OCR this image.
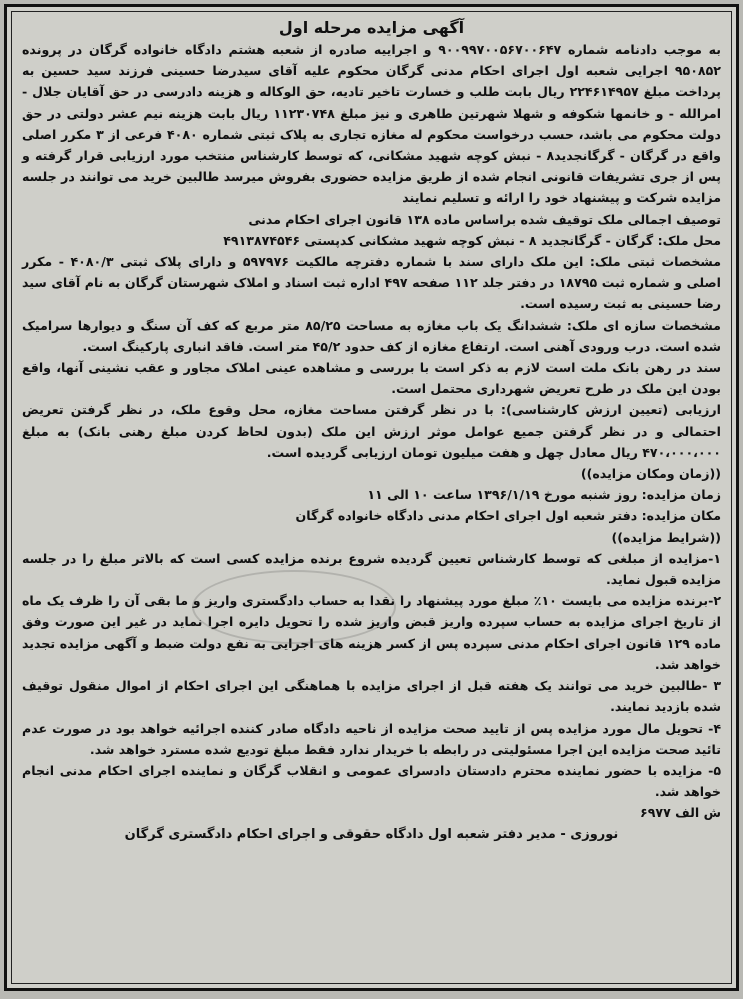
آگهی مزایده مرحله اول

به موجب دادنامه شماره ۹۰۰۹۹۷۰۰۵۶۷۰۰۶۴۷ و اجراییه صادره از شعبه هشتم دادگاه خانواده گرگان در پرونده ۹۵۰۸۵۲ اجرایی شعبه اول اجرای احکام مدنی گرگان محکوم علیه آقای سیدرضا حسینی فرزند سید حسین به پرداخت مبلغ ۲۲۴۶۱۴۹۵۷ ریال بابت طلب و خسارت تاخیر تادیه، حق الوکاله و هزینه دادرسی در حق آقایان جلال - امرالله - و خانمها شکوفه و شهلا شهرتین طاهری و نیز مبلغ ۱۱۲۳۰۷۴۸ ریال بابت هزینه نیم عشر دولتی در حق دولت محکوم می باشد، حسب درخواست محکوم له مغازه تجاری به پلاک ثبتی شماره ۴۰۸۰ فرعی از ۳ مکرر اصلی واقع در گرگان - گرگانجدید۸ - نبش کوچه شهید مشکانی، که توسط کارشناس منتخب مورد ارزیابی قرار گرفته و پس از جری تشریفات قانونی انجام شده از طریق مزایده حضوری بفروش میرسد طالبین خرید می توانند در جلسه مزایده شرکت و پیشنهاد خود را ارائه و تسلیم نمایند

توصیف اجمالی ملک توقیف شده براساس ماده ۱۳۸ قانون اجرای احکام مدنی

محل ملک: گرگان - گرگانجدید ۸ - نبش کوچه شهید مشکانی کدپستی ۴۹۱۳۸۷۴۵۴۶

مشخصات ثبتی ملک: این ملک دارای سند با شماره دفترچه مالکیت ۵۹۷۹۷۶ و دارای پلاک ثبتی ۴۰۸۰/۳ - مکرر اصلی و شماره ثبت ۱۸۷۹۵ در دفتر جلد ۱۱۲ صفحه ۴۹۷ اداره ثبت اسناد و املاک شهرستان گرگان به نام آقای سید رضا حسینی به ثبت رسیده است.

مشخصات سازه ای ملک: ششدانگ یک باب مغازه به مساحت ۸۵/۲۵ متر مربع که کف آن سنگ و دیوارها سرامیک شده است. درب ورودی آهنی است. ارتفاع مغازه از کف حدود ۴۵/۲ متر است. فاقد انباری پارکینگ است.

سند در رهن بانک ملت است لازم به ذکر است با بررسی و مشاهده عینی املاک مجاور و عقب نشینی آنها، واقع بودن این ملک در طرح تعریض شهرداری محتمل است.

ارزیابی (تعیین ارزش کارشناسی): با در نظر گرفتن مساحت مغازه، محل وقوع ملک، در نظر گرفتن تعریض احتمالی و در نظر گرفتن جمیع عوامل موثر ارزش این ملک (بدون لحاظ کردن مبلغ رهنی بانک) به مبلغ ۴۷۰،۰۰۰،۰۰۰ ریال معادل چهل و هفت میلیون تومان ارزیابی گردیده است.

((زمان ومکان مزایده))

زمان مزایده: روز شنبه مورخ ۱۳۹۶/۱/۱۹ ساعت ۱۰ الی ۱۱

مکان مزایده: دفتر شعبه اول اجرای احکام مدنی دادگاه خانواده گرگان

((شرایط مزایده))

۱-مزایده از مبلغی که توسط کارشناس تعیین گردیده شروع برنده مزایده کسی است که بالاتر مبلغ را در جلسه مزایده قبول نماید.

۲-برنده مزایده می بایست ۱۰٪ مبلغ مورد پیشنهاد را نقدا به حساب دادگستری واریز و ما بقی آن را ظرف یک ماه از تاریخ اجرای مزایده به حساب سپرده واریز قبض واریز شده را تحویل دایره اجرا نماید در غیر این صورت وفق ماده ۱۲۹ قانون اجرای احکام مدنی سپرده پس از کسر هزینه های اجرایی به نفع دولت ضبط و آگهی مزایده تجدید خواهد شد.

۳ -طالبین خرید می توانند یک هفته قبل از اجرای مزایده با هماهنگی این اجرای احکام از اموال منقول توقیف شده بازدید نمایند.

۴- تحویل مال مورد مزایده پس از تایید صحت مزایده از ناحیه دادگاه صادر کننده اجرائیه خواهد بود در صورت عدم تائید صحت مزایده این اجرا مسئولیتی در رابطه با خریدار ندارد فقط مبلغ تودیع شده مسترد خواهد شد.

۵- مزایده با حضور نماینده محترم دادستان دادسرای عمومی و انقلاب گرگان و نماینده اجرای احکام مدنی انجام خواهد شد.

ش الف ۶۹۷۷

نوروزی - مدیر دفتر شعبه اول دادگاه حقوقی و اجرای احکام دادگستری گرگان
